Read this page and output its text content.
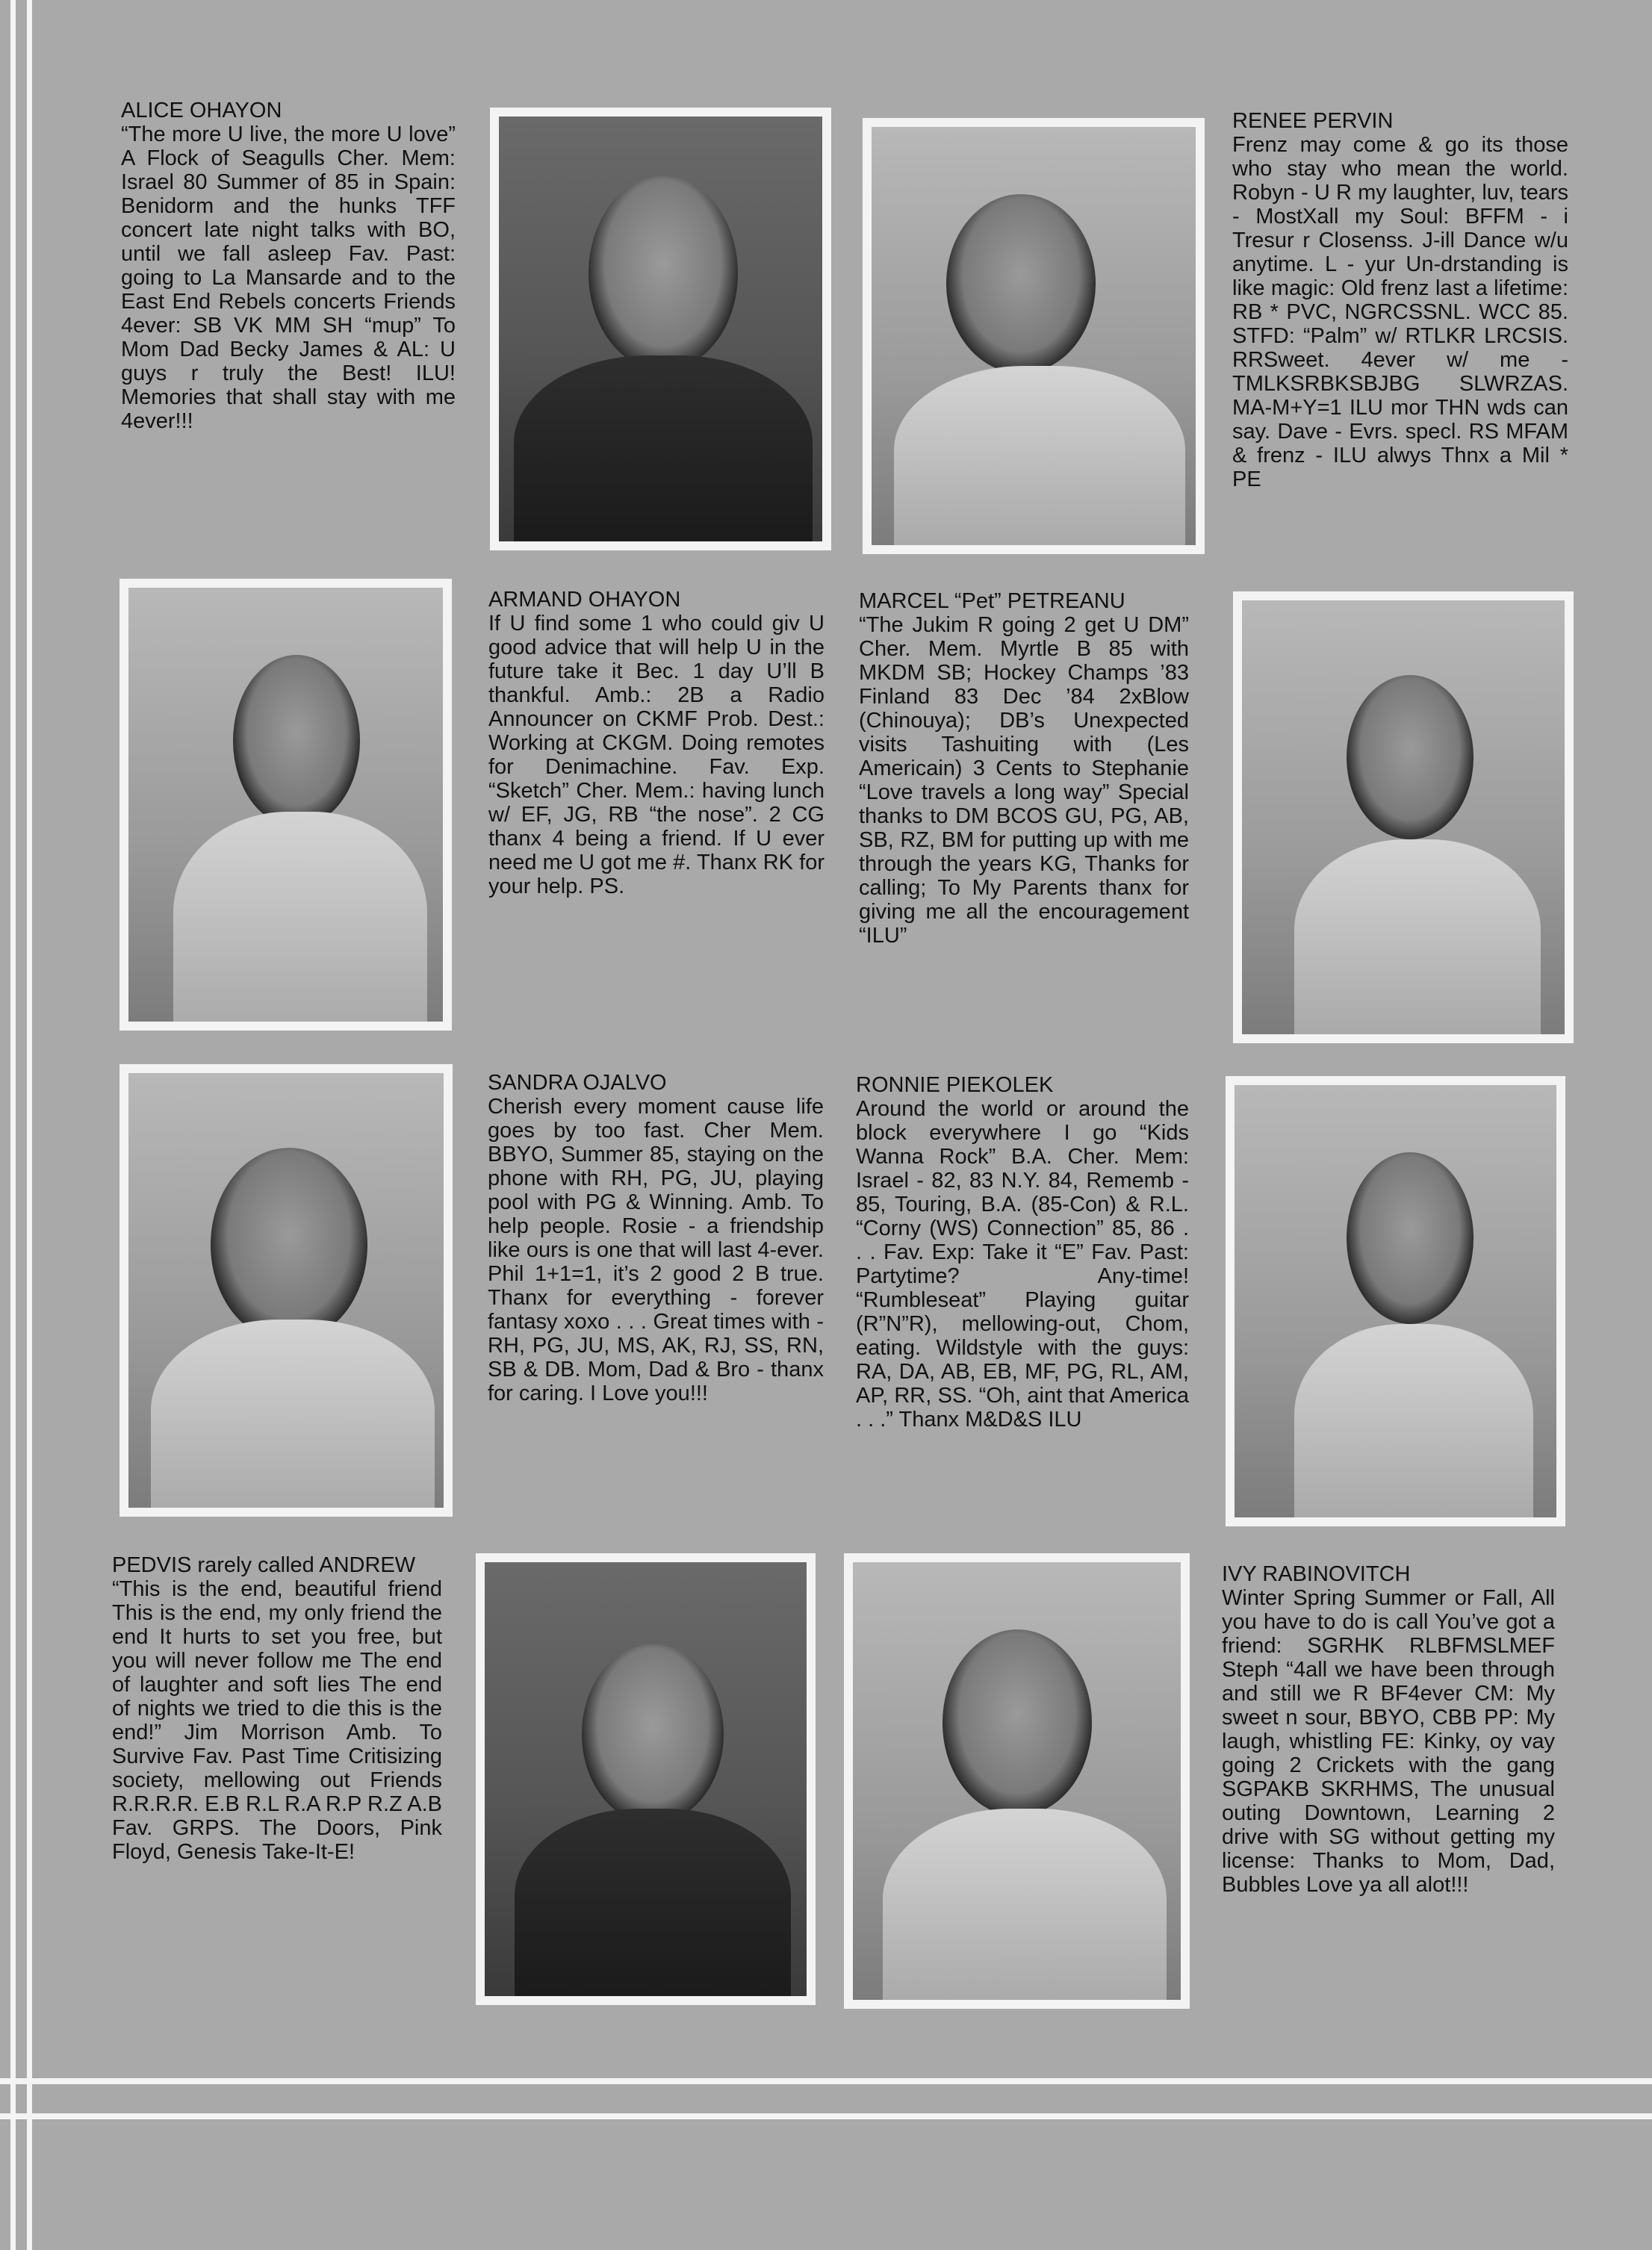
ALICE OHAYON
“The more U live, the more U love” A Flock of Seagulls Cher. Mem: Israel 80 Summer of 85 in Spain: Benidorm and the hunks TFF concert late night talks with BO, until we fall asleep Fav. Past: going to La Mansarde and to the East End Rebels concerts Friends 4ever: SB VK MM SH “mup” To Mom Dad Becky James & AL: U guys r truly the Best! ILU! Memories that shall stay with me 4ever!!!
RENEE PERVIN
Frenz may come & go its those who stay who mean the world. Robyn - U R my laughter, luv, tears - MostXall my Soul: BFFM - i Tresur r Closenss. J-ill Dance w/u anytime. L - yur Un-drstanding is like magic: Old frenz last a lifetime: RB * PVC, NGRCSSNL. WCC 85. STFD: “Palm” w/ RTLKR LRCSIS. RRSweet. 4ever w/ me - TMLKSRBKSBJBG SLWRZAS. MA-M+Y=1 ILU mor THN wds can say. Dave - Evrs. specl. RS MFAM & frenz - ILU alwys Thnx a Mil * PE
ARMAND OHAYON
If U find some 1 who could giv U good advice that will help U in the future take it Bec. 1 day U’ll B thankful. Amb.: 2B a Radio Announcer on CKMF Prob. Dest.: Working at CKGM. Doing remotes for Denimachine. Fav. Exp. “Sketch” Cher. Mem.: having lunch w/ EF, JG, RB “the nose”. 2 CG thanx 4 being a friend. If U ever need me U got me #. Thanx RK for your help. PS.
MARCEL “Pet” PETREANU
“The Jukim R going 2 get U DM” Cher. Mem. Myrtle B 85 with MKDM SB; Hockey Champs ’83 Finland 83 Dec ’84 2xBlow (Chinouya); DB’s Unexpected visits Tashuiting with (Les Americain) 3 Cents to Stephanie “Love travels a long way” Special thanks to DM BCOS GU, PG, AB, SB, RZ, BM for putting up with me through the years KG, Thanks for calling; To My Parents thanx for giving me all the encouragement “ILU”
SANDRA OJALVO
Cherish every moment cause life goes by too fast. Cher Mem. BBYO, Summer 85, staying on the phone with RH, PG, JU, playing pool with PG & Winning. Amb. To help people. Rosie - a friendship like ours is one that will last 4-ever. Phil 1+1=1, it’s 2 good 2 B true. Thanx for everything - forever fantasy xoxo . . . Great times with - RH, PG, JU, MS, AK, RJ, SS, RN, SB & DB. Mom, Dad & Bro - thanx for caring. I Love you!!!
RONNIE PIEKOLEK
Around the world or around the block everywhere I go “Kids Wanna Rock” B.A. Cher. Mem: Israel - 82, 83 N.Y. 84, Rememb - 85, Touring, B.A. (85-Con) & R.L. “Corny (WS) Connection” 85, 86 . . . Fav. Exp: Take it “E” Fav. Past: Partytime? Any-time! “Rumbleseat” Playing guitar (R”N”R), mellowing-out, Chom, eating. Wildstyle with the guys: RA, DA, AB, EB, MF, PG, RL, AM, AP, RR, SS. “Oh, aint that America . . .” Thanx M&D&S ILU
PEDVIS rarely called ANDREW
“This is the end, beautiful friend This is the end, my only friend the end It hurts to set you free, but you will never follow me The end of laughter and soft lies The end of nights we tried to die this is the end!” Jim Morrison Amb. To Survive Fav. Past Time Critisizing society, mellowing out Friends R.R.R.R. E.B R.L R.A R.P R.Z A.B Fav. GRPS. The Doors, Pink Floyd, Genesis Take-It-E!
IVY RABINOVITCH
Winter Spring Summer or Fall, All you have to do is call You’ve got a friend: SGRHK RLBFMSLMEF Steph “4all we have been through and still we R BF4ever CM: My sweet n sour, BBYO, CBB PP: My laugh, whistling FE: Kinky, oy vay going 2 Crickets with the gang SGPAKB SKRHMS, The unusual outing Downtown, Learning 2 drive with SG without getting my license: Thanks to Mom, Dad, Bubbles Love ya all alot!!!
